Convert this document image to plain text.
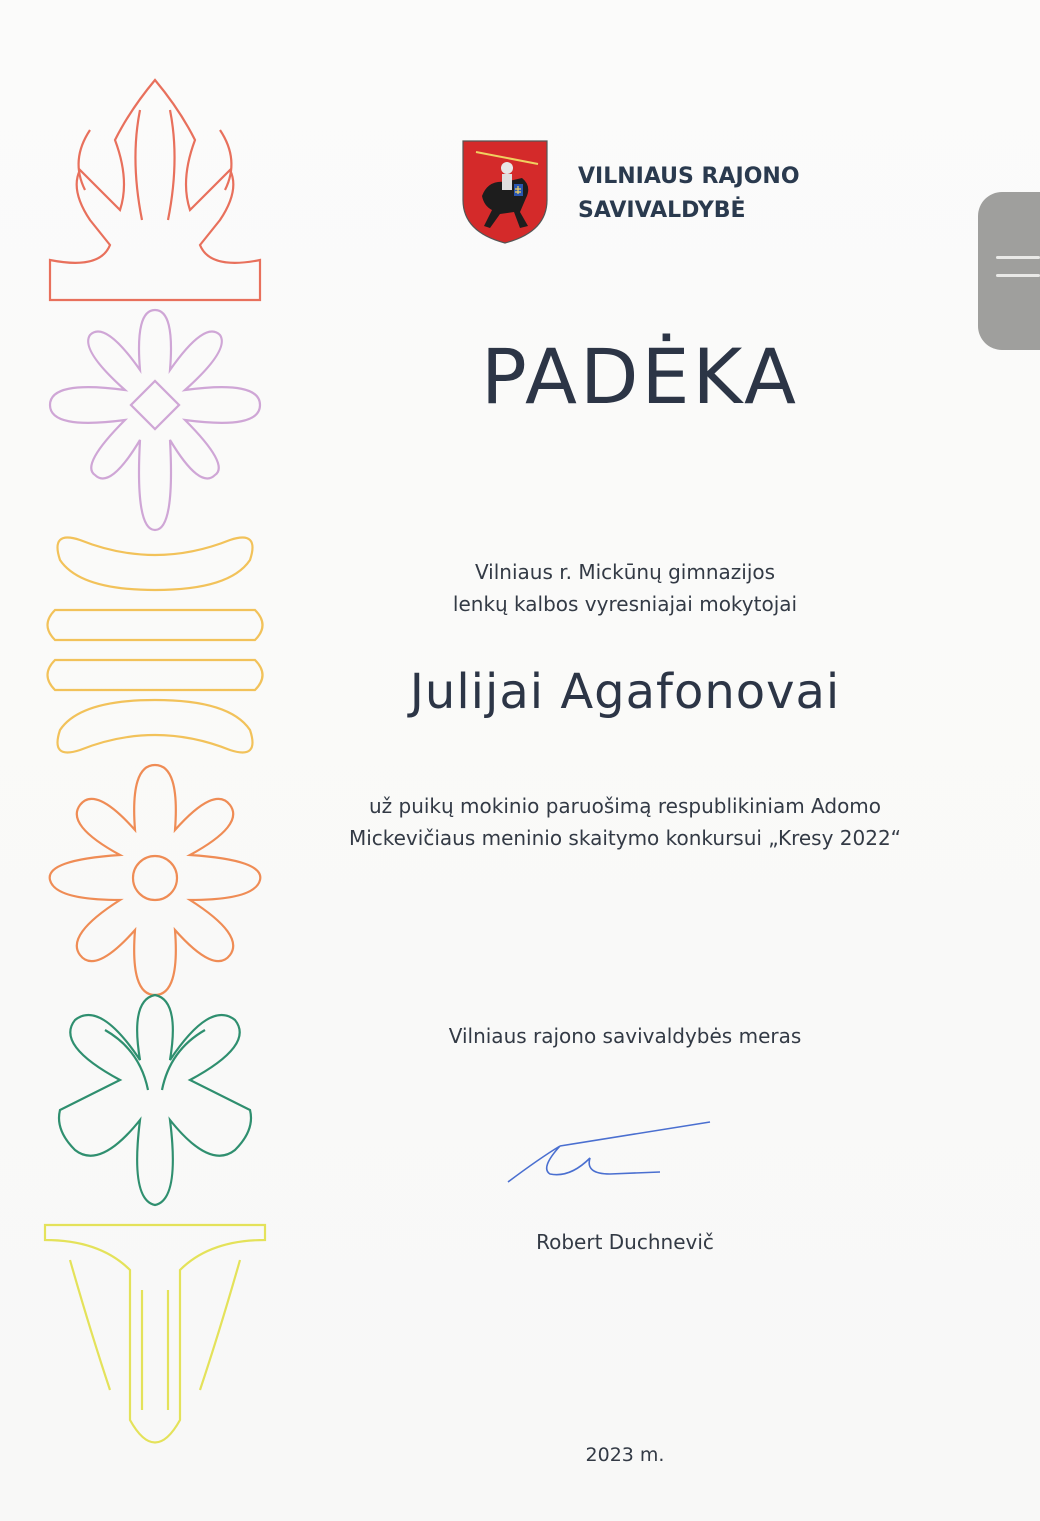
VILNIAUS RAJONO
SAVIVALDYBĖ
PADĖKA
Vilniaus r. Mickūnų gimnazijos
lenkų kalbos vyresniajai mokytojai
Julijai Agafonovai
už puikų mokinio paruošimą respublikiniam Adomo
Mickevičiaus meninio skaitymo konkursui „Kresy 2022“
Vilniaus rajono savivaldybės meras
Robert Duchnevič
2023 m.
